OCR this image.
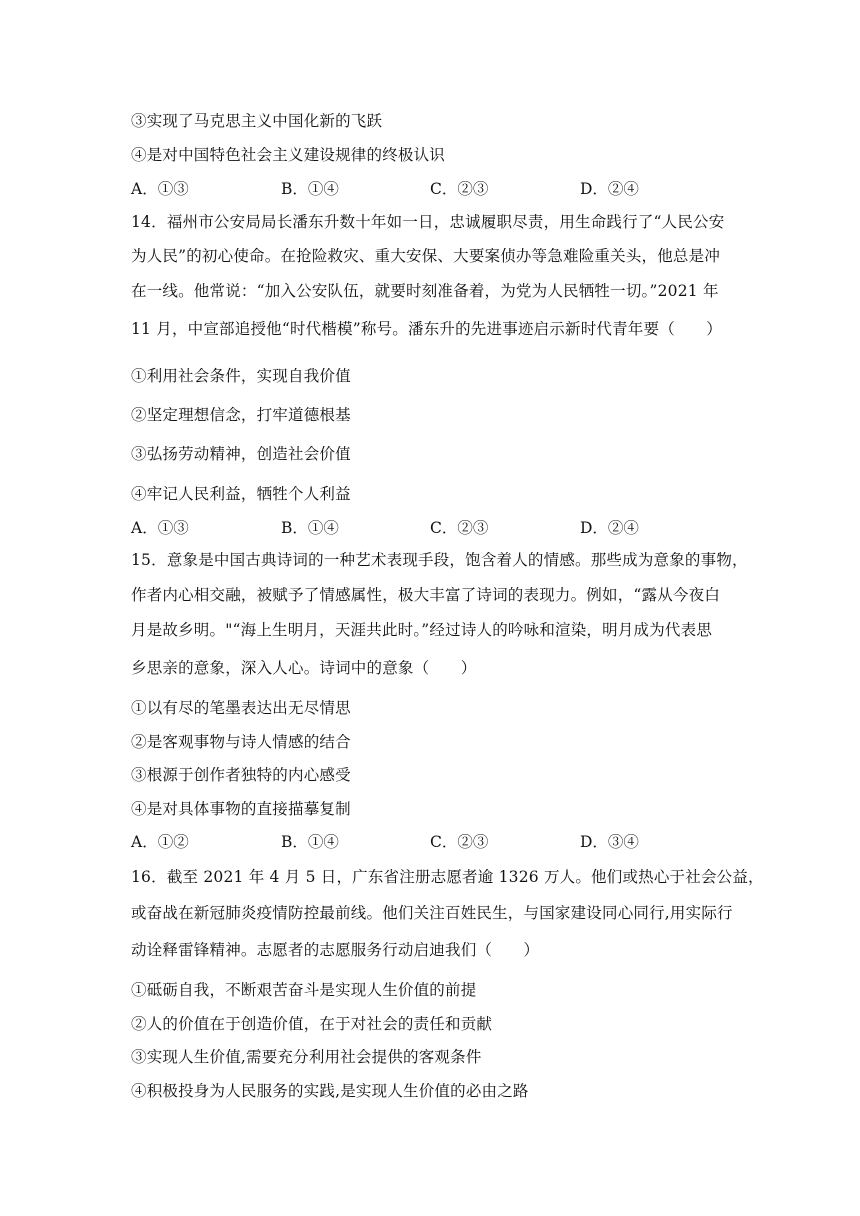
③实现了马克思主义中国化新的飞跃
④是对中国特色社会主义建设规律的终极认识
A．①③	B．①④	C．②③	D．②④
14．福州市公安局局长潘东升数十年如一日，忠诚履职尽责，用生命践行了“人民公安
为人民”的初心使命。在抢险救灾、重大安保、大要案侦办等急难险重关头，他总是冲
在一线。他常说：“加入公安队伍，就要时刻准备着，为党为人民牺牲一切。”2021 年
11 月，中宣部追授他“时代楷模”称号。潘东升的先进事迹启示新时代青年要（　　）
①利用社会条件，实现自我价值
②坚定理想信念，打牢道德根基
③弘扬劳动精神，创造社会价值
④牢记人民利益，牺牲个人利益
A．①③	B．①④	C．②③	D．②④
15．意象是中国古典诗词的一种艺术表现手段，饱含着人的情感。那些成为意象的事物，
作者内心相交融，被赋予了情感属性，极大丰富了诗词的表现力。例如，“露从今夜白
月是故乡明。"“海上生明月，天涯共此时。”经过诗人的吟咏和渲染，明月成为代表思
乡思亲的意象，深入人心。诗词中的意象（　　）
①以有尽的笔墨表达出无尽情思
②是客观事物与诗人情感的结合
③根源于创作者独特的内心感受
④是对具体事物的直接描摹复制
A．①②	B．①④	C．②③	D．③④
16．截至 2021 年 4 月 5 日，广东省注册志愿者逾 1326 万人。他们或热心于社会公益，
或奋战在新冠肺炎疫情防控最前线。他们关注百姓民生，与国家建设同心同行,用实际行
动诠释雷锋精神。志愿者的志愿服务行动启迪我们（　　）
①砥砺自我，不断艰苦奋斗是实现人生价值的前提
②人的价值在于创造价值，在于对社会的责任和贡献
③实现人生价值,需要充分利用社会提供的客观条件
④积极投身为人民服务的实践,是实现人生价值的必由之路
